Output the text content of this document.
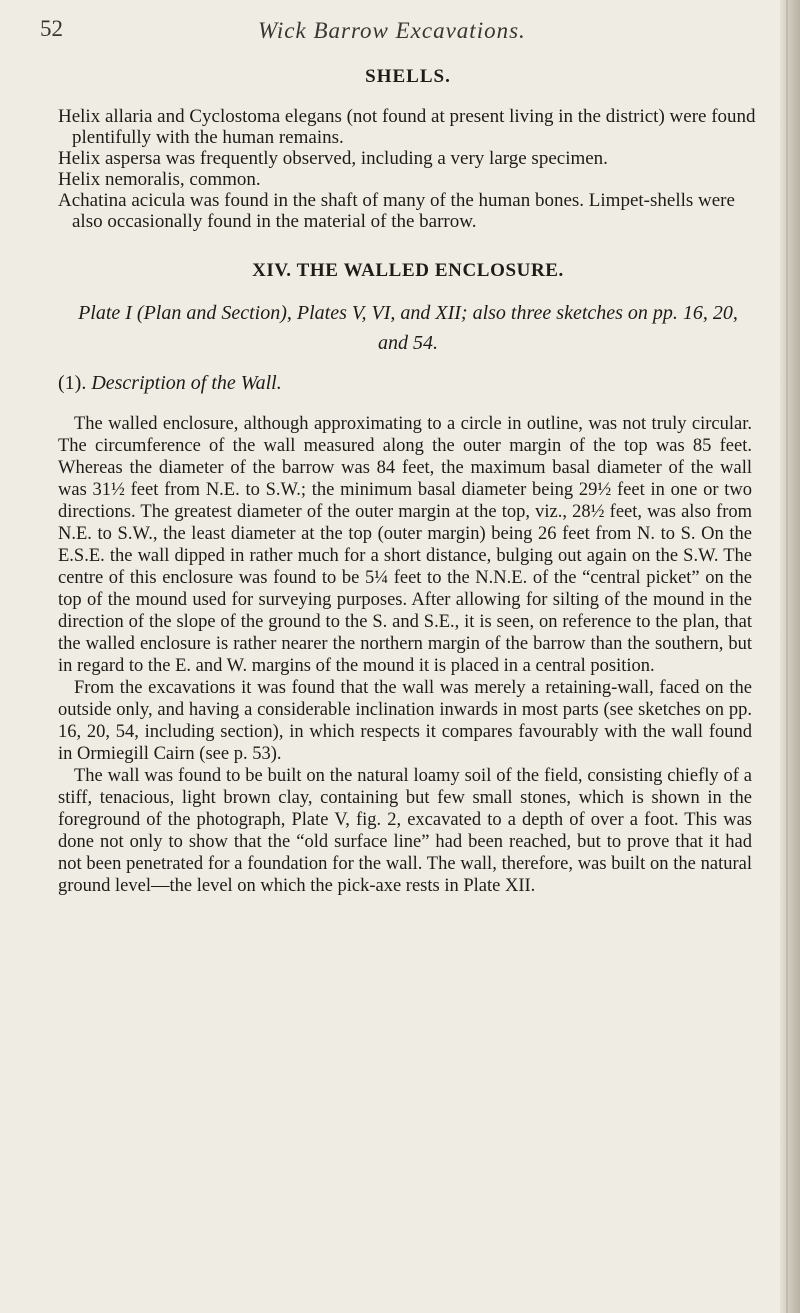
52	Wick Barrow Excavations.
SHELLS.

Helix allaria and Cyclostoma elegans (not found at present living in the district) were found plentifully with the human remains.

Helix aspersa was frequently observed, including a very large specimen.

Helix nemoralis, common.

Achatina acicula was found in the shaft of many of the human bones. Limpet-shells were also occasionally found in the material of the barrow.

XIV. THE WALLED ENCLOSURE.
Plate I (Plan and Section), Plates V, VI, and XII; also three sketches on pp. 16, 20, and 54.
(1). Description of the Wall.

The walled enclosure, although approximating to a circle in outline, was not truly circular. The circumference of the wall measured along the outer margin of the top was 85 feet. Whereas the diameter of the barrow was 84 feet, the maximum basal diameter of the wall was 31½ feet from N.E. to S.W.; the minimum basal diameter being 29½ feet in one or two directions. The greatest diameter of the outer margin at the top, viz., 28½ feet, was also from N.E. to S.W., the least diameter at the top (outer margin) being 26 feet from N. to S. On the E.S.E. the wall dipped in rather much for a short distance, bulging out again on the S.W. The centre of this enclosure was found to be 5¼ feet to the N.N.E. of the “central picket” on the top of the mound used for surveying purposes. After allowing for silting of the mound in the direction of the slope of the ground to the S. and S.E., it is seen, on reference to the plan, that the walled enclosure is rather nearer the northern margin of the barrow than the southern, but in regard to the E. and W. margins of the mound it is placed in a central position.

From the excavations it was found that the wall was merely a retaining-wall, faced on the outside only, and having a considerable inclination inwards in most parts (see sketches on pp. 16, 20, 54, including section), in which respects it compares favourably with the wall found in Ormiegill Cairn (see p. 53).

The wall was found to be built on the natural loamy soil of the field, consisting chiefly of a stiff, tenacious, light brown clay, containing but few small stones, which is shown in the foreground of the photograph, Plate V, fig. 2, excavated to a depth of over a foot. This was done not only to show that the “old surface line” had been reached, but to prove that it had not been penetrated for a foundation for the wall. The wall, therefore, was built on the natural ground level—the level on which the pick-axe rests in Plate XII.
